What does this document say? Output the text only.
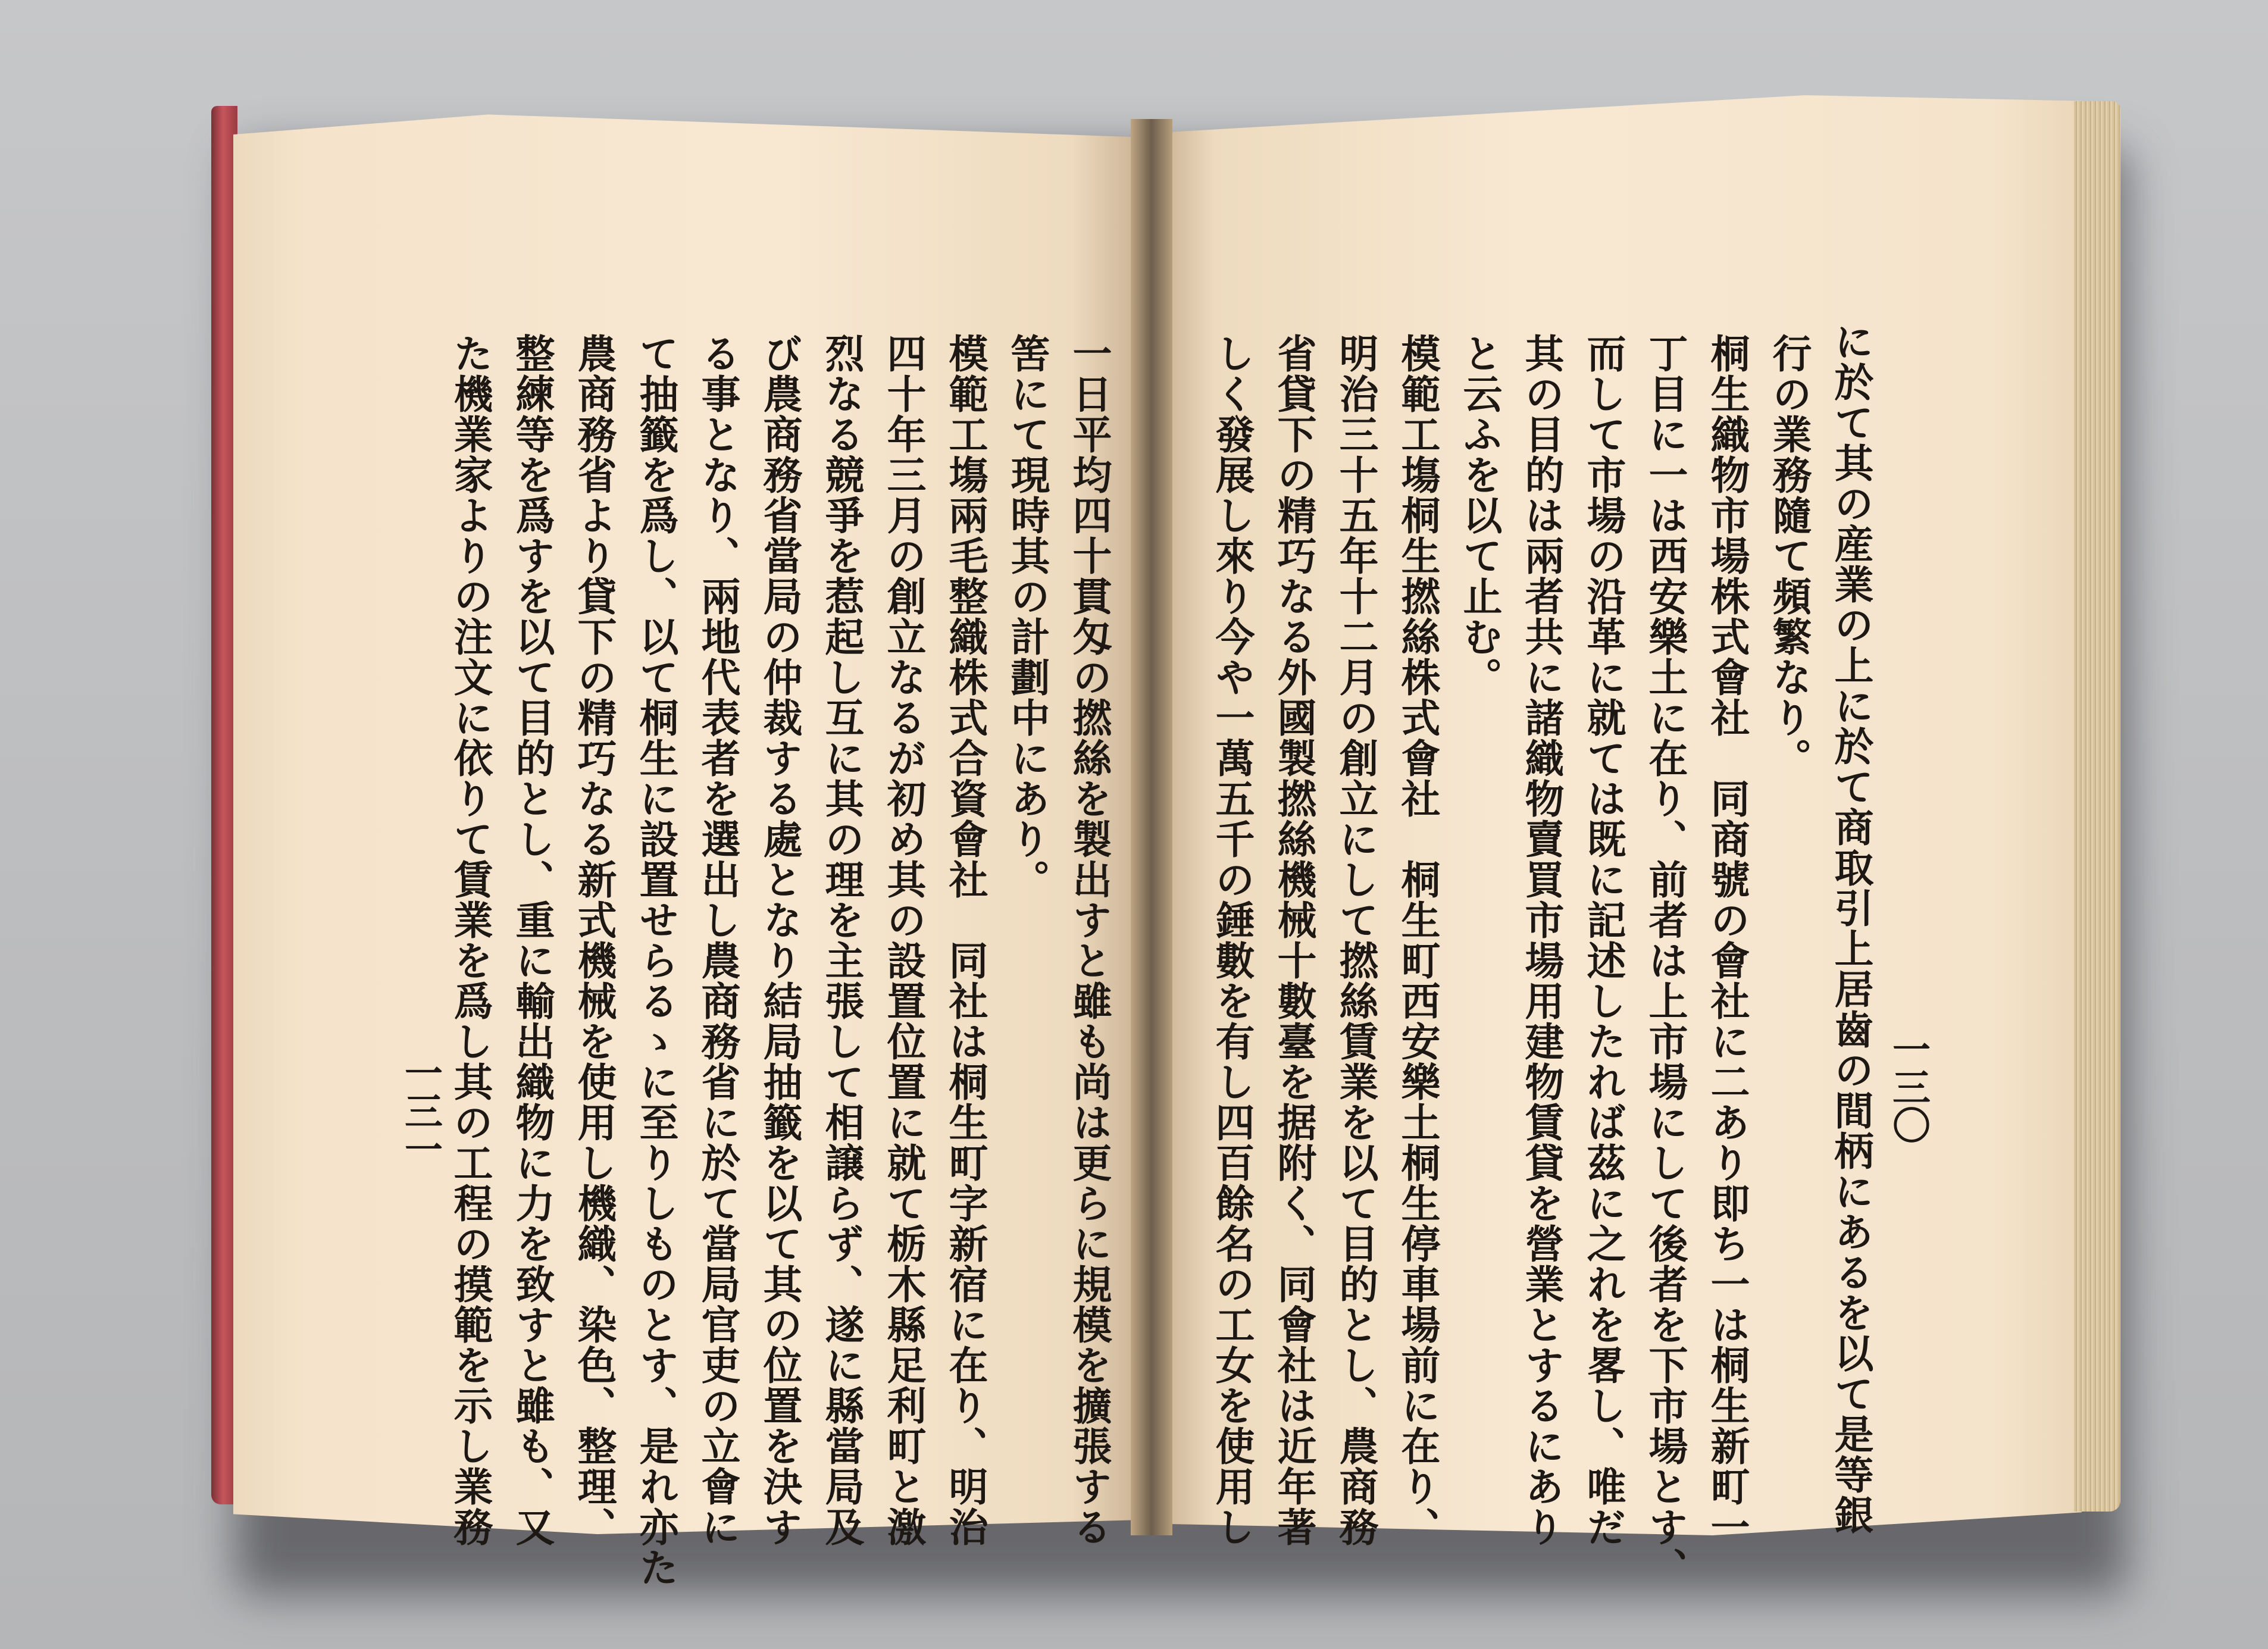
に於て其の産業の上に於て商取引上居齒の間柄にあるを以て是等銀
行の業務隨て頻繁なり。
桐生織物市場株式會社　同商號の會社に二あり即ち一は桐生新町一
丁目に一は西安樂土に在り、前者は上市場にして後者を下市場とす、
而して市場の沿革に就ては既に記述したれば茲に之れを畧し、唯だ
其の目的は兩者共に諸織物賣買市場用建物賃貸を營業とするにあり
と云ふを以て止む。
模範工塲桐生撚絲株式會社　桐生町西安樂土桐生停車場前に在り、
明治三十五年十二月の創立にして撚絲賃業を以て目的とし、農商務
省貸下の精巧なる外國製撚絲機械十數臺を据附く、同會社は近年著
しく發展し來り今や一萬五千の錘數を有し四百餘名の工女を使用し	一三〇
一日平均四十貫匁の撚絲を製出すと雖も尚は更らに規模を擴張する
筈にて現時其の計劃中にあり。
模範工塲兩毛整織株式合資會社　同社は桐生町字新宿に在り、明治
四十年三月の創立なるが初め其の設置位置に就て栃木縣足利町と激
烈なる競爭を惹起し互に其の理を主張して相譲らず、遂に縣當局及
び農商務省當局の仲裁する處となり結局抽籤を以て其の位置を決す
る事となり、兩地代表者を選出し農商務省に於て當局官吏の立會に
て抽籤を爲し、以て桐生に設置せらるゝに至りしものとす、是れ亦た
農商務省より貸下の精巧なる新式機械を使用し機織、染色、整理、
整練等を爲すを以て目的とし、重に輸出織物に力を致すと雖も、又
た機業家よりの注文に依りて賃業を爲し其の工程の摸範を示し業務
一三一
